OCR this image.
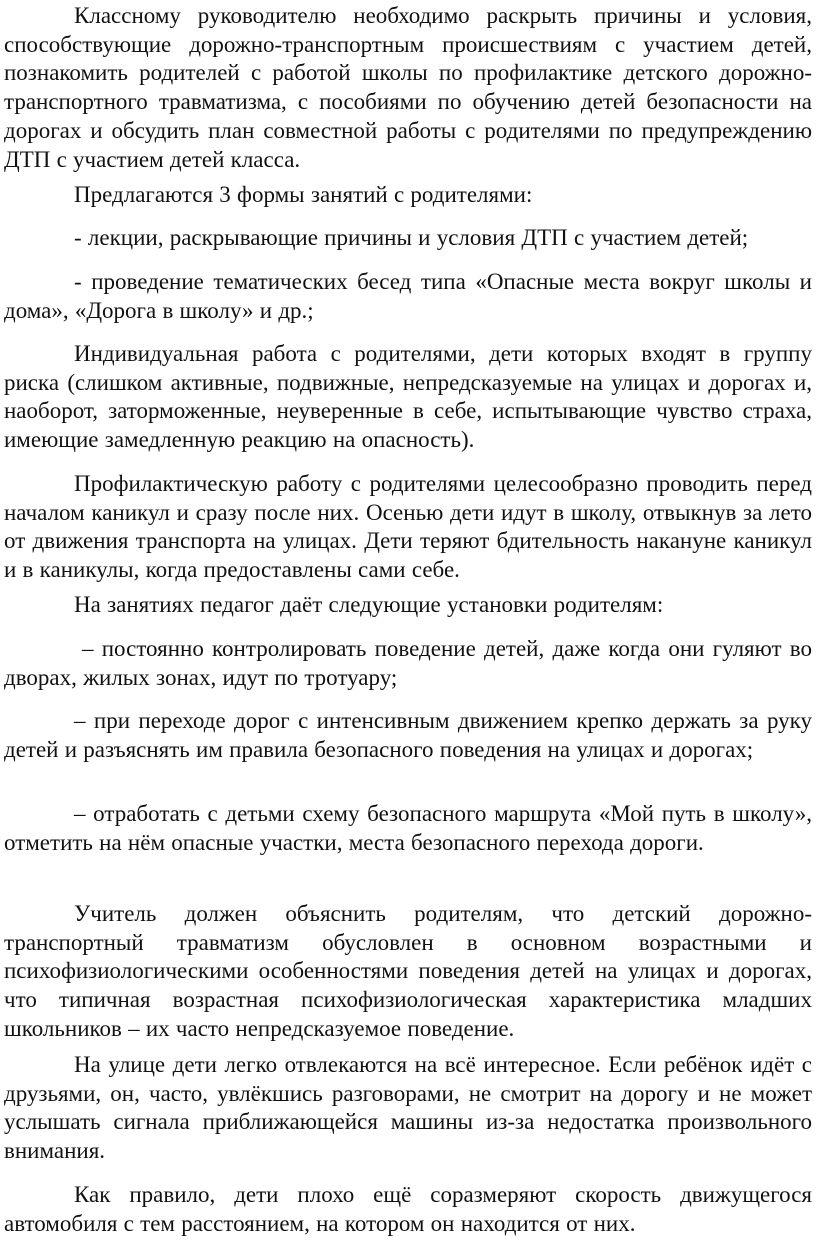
Классному руководителю необходимо раскрыть причины и условия, способствующие дорожно-транспортным происшествиям с участием детей, познакомить родителей с работой школы по профилактике детского дорожно-транспортного травматизма, с пособиями по обучению детей безопасности на дорогах и обсудить план совместной работы с родителями по предупреждению ДТП с участием детей класса.

Предлагаются 3 формы занятий с родителями:

- лекции, раскрывающие причины и условия ДТП с участием детей;

- проведение тематических бесед типа «Опасные места вокруг школы и дома», «Дорога в школу» и др.;

Индивидуальная работа с родителями, дети которых входят в группу риска (слишком активные, подвижные, непредсказуемые на улицах и дорогах и, наоборот, заторможенные, неуверенные в себе, испытывающие чувство страха, имеющие замедленную реакцию на опасность).

Профилактическую работу с родителями целесообразно проводить перед началом каникул и сразу после них. Осенью дети идут в школу, отвыкнув за лето от движения транспорта на улицах. Дети теряют бдительность накануне каникул и в каникулы, когда предоставлены сами себе.

На занятиях педагог даёт следующие установки родителям:

– постоянно контролировать поведение детей, даже когда они гуляют во дворах, жилых зонах, идут по тротуару;

– при переходе дорог с интенсивным движением крепко держать за руку детей и разъяснять им правила безопасного поведения на улицах и дорогах;

– отработать с детьми схему безопасного маршрута «Мой путь в школу», отметить на нём опасные участки, места безопасного перехода дороги.

Учитель должен объяснить родителям, что детский дорожно-транспортный травматизм обусловлен в основном возрастными и психофизиологическими особенностями поведения детей на улицах и дорогах, что типичная возрастная психофизиологическая характеристика младших школьников – их часто непредсказуемое поведение.

На улице дети легко отвлекаются на всё интересное. Если ребёнок идёт с друзьями, он, часто, увлёкшись разговорами, не смотрит на дорогу и не может услышать сигнала приближающейся машины из-за недостатка произвольного внимания.

Как правило, дети плохо ещё соразмеряют скорость движущегося автомобиля с тем расстоянием, на котором он находится от них.
